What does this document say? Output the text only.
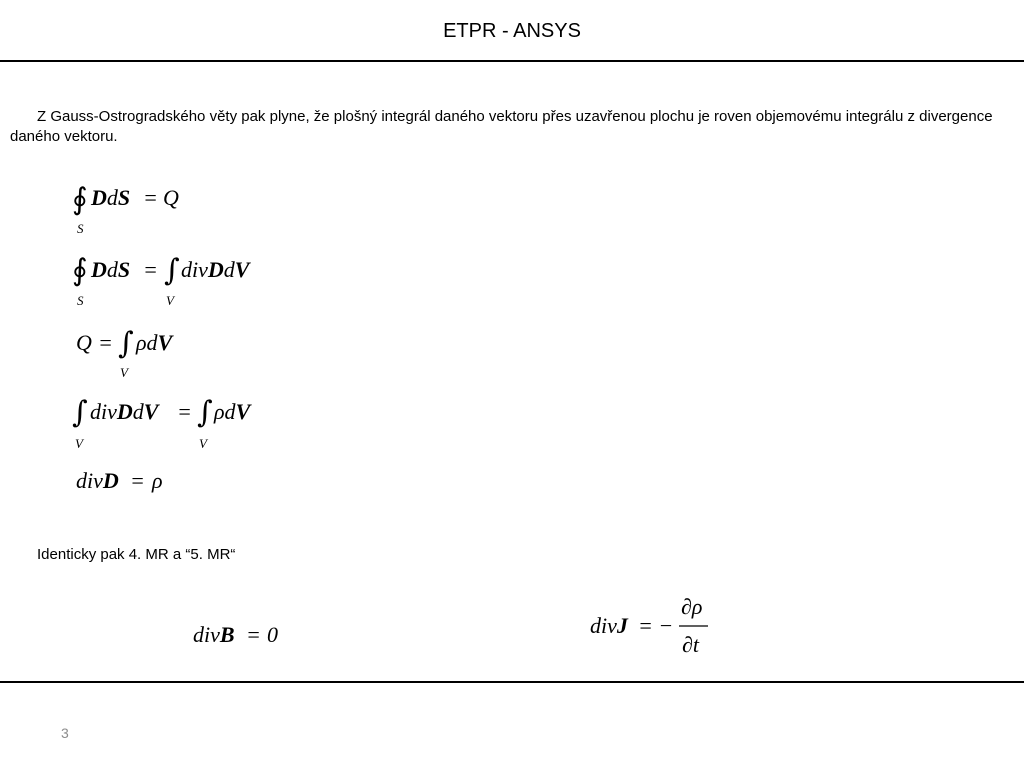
ETPR - ANSYS
Z Gauss-Ostrogradského věty pak plyne, že plošný integrál daného vektoru přes uzavřenou plochu je roven objemovému integrálu z divergence daného vektoru.
∮
S
DdS = Q
∮
S
DdS = ∫
V
divDdV
Q = ∫
V
ρdV
∫
V
divDdV = ∫
V
ρdV
divD = ρ
divB = 0	divJ = −
∂ρ
∂t
Identicky pak 4. MR a “5. MR“
3
